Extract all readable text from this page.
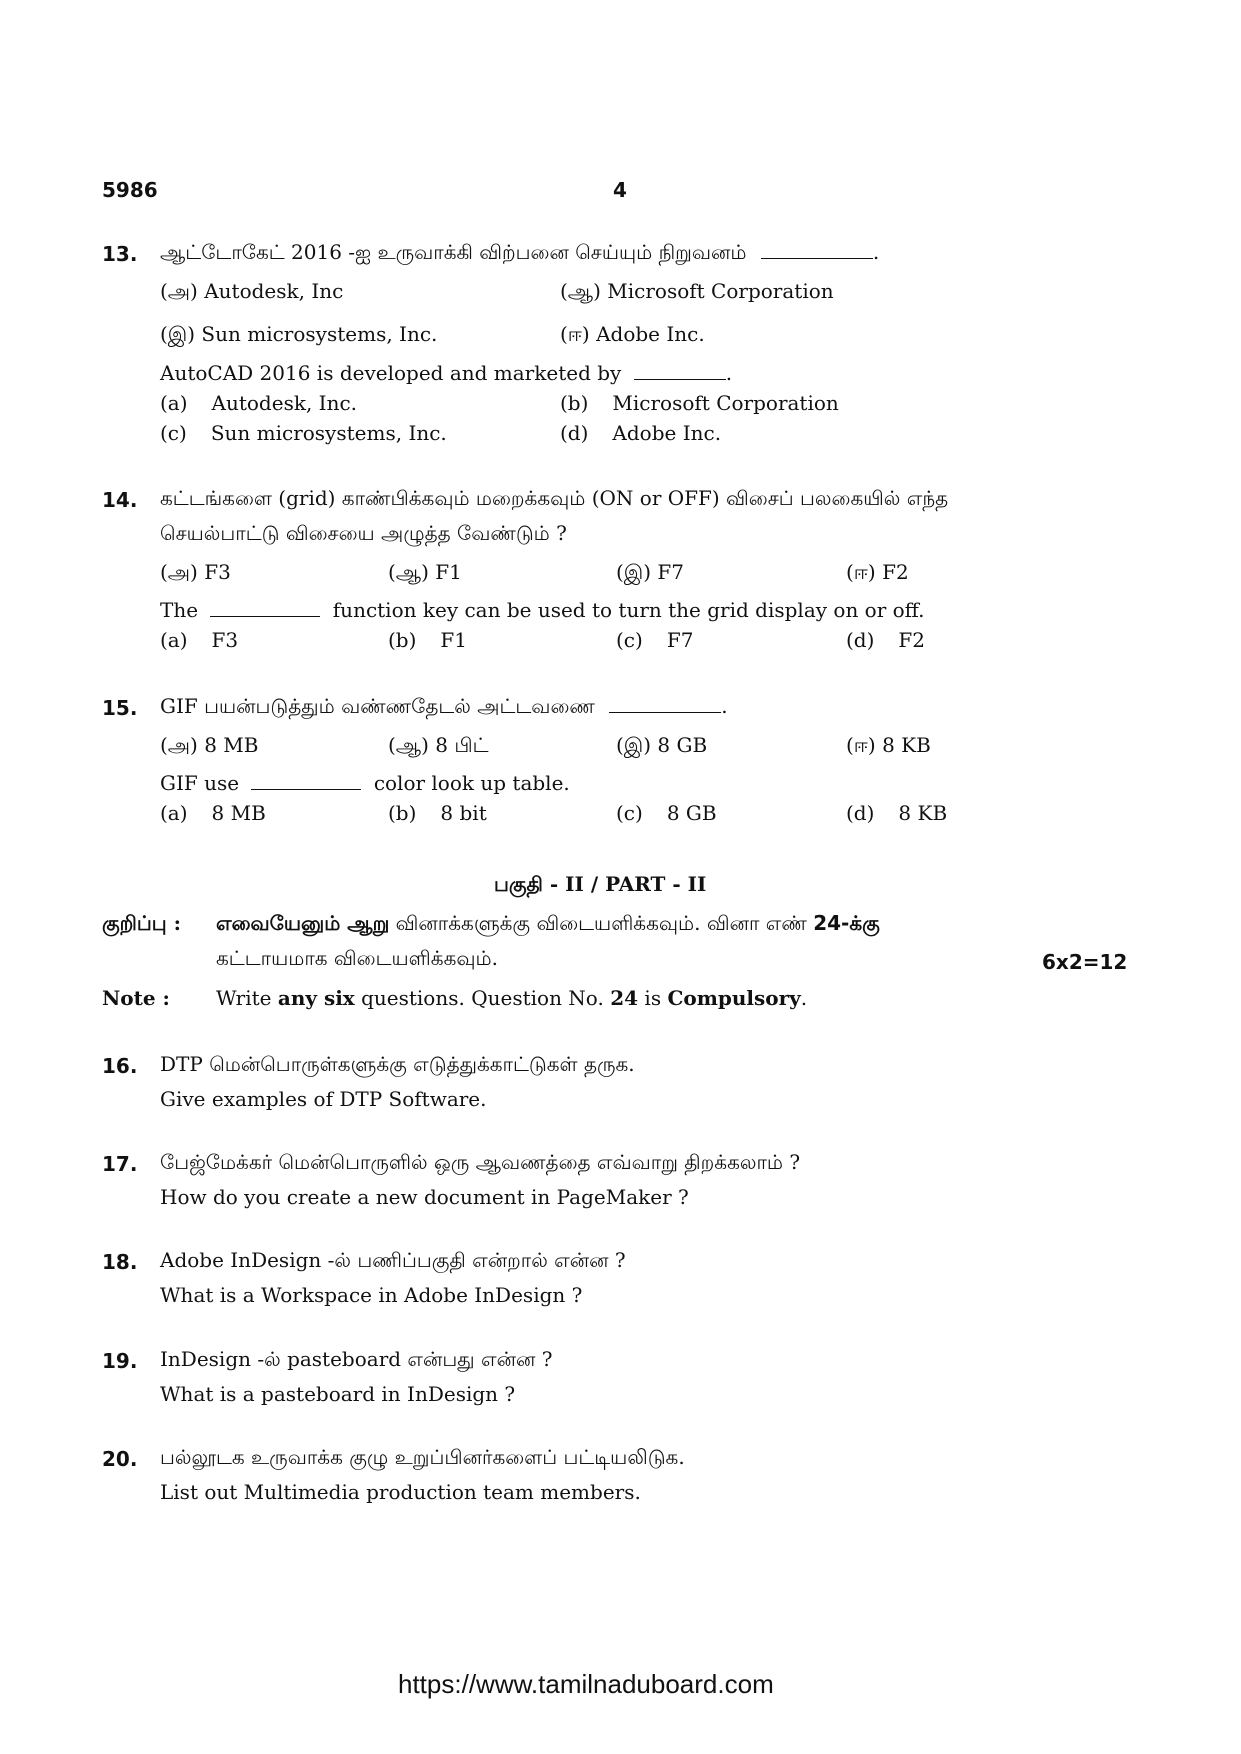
5986	4
13. ஆட்டோகேட் 2016 -ஐ உருவாக்கி விற்பனை செய்யும் நிறுவனம்	.
(அ) Autodesk, Inc	(ஆ) Microsoft Corporation
(இ) Sun microsystems, Inc.	(ஈ) Adobe Inc.
AutoCAD 2016 is developed and marketed by	.
(a) Autodesk, Inc.	(b) Microsoft Corporation
(c) Sun microsystems, Inc.	(d) Adobe Inc.
14. கட்டங்களை (grid) காண்பிக்கவும் மறைக்கவும் (ON or OFF) விசைப் பலகையில் எந்த
செயல்பாட்டு விசையை அழுத்த வேண்டும் ?
(அ) F3	(ஆ) F1	(இ) F7	(ஈ) F2
The	function key can be used to turn the grid display on or off.
(a) F3	(b) F1	(c) F7	(d) F2
15. GIF பயன்படுத்தும் வண்ணதேடல் அட்டவணை	.
(அ) 8 MB	(ஆ) 8 பிட்	(இ) 8 GB	(ஈ) 8 KB
GIF use	color look up table.
(a) 8 MB	(b) 8 bit	(c) 8 GB	(d) 8 KB
பகுதி - II / PART - II
குறிப்பு : எவையேனும் ஆறு வினாக்களுக்கு விடையளிக்கவும். வினா எண் 24-க்கு
கட்டாயமாக விடையளிக்கவும்.	6x2=12
Note : Write any six questions. Question No. 24 is Compulsory.
16. DTP மென்பொருள்களுக்கு எடுத்துக்காட்டுகள் தருக.
Give examples of DTP Software.
17. பேஜ்மேக்கர் மென்பொருளில் ஒரு ஆவணத்தை எவ்வாறு திறக்கலாம் ?
How do you create a new document in PageMaker ?
18. Adobe InDesign -ல் பணிப்பகுதி என்றால் என்ன ?
What is a Workspace in Adobe InDesign ?
19. InDesign -ல் pasteboard என்பது என்ன ?
What is a pasteboard in InDesign ?
20. பல்லூடக உருவாக்க குழு உறுப்பினர்களைப் பட்டியலிடுக.
List out Multimedia production team members.
https://www.tamilnaduboard.com
